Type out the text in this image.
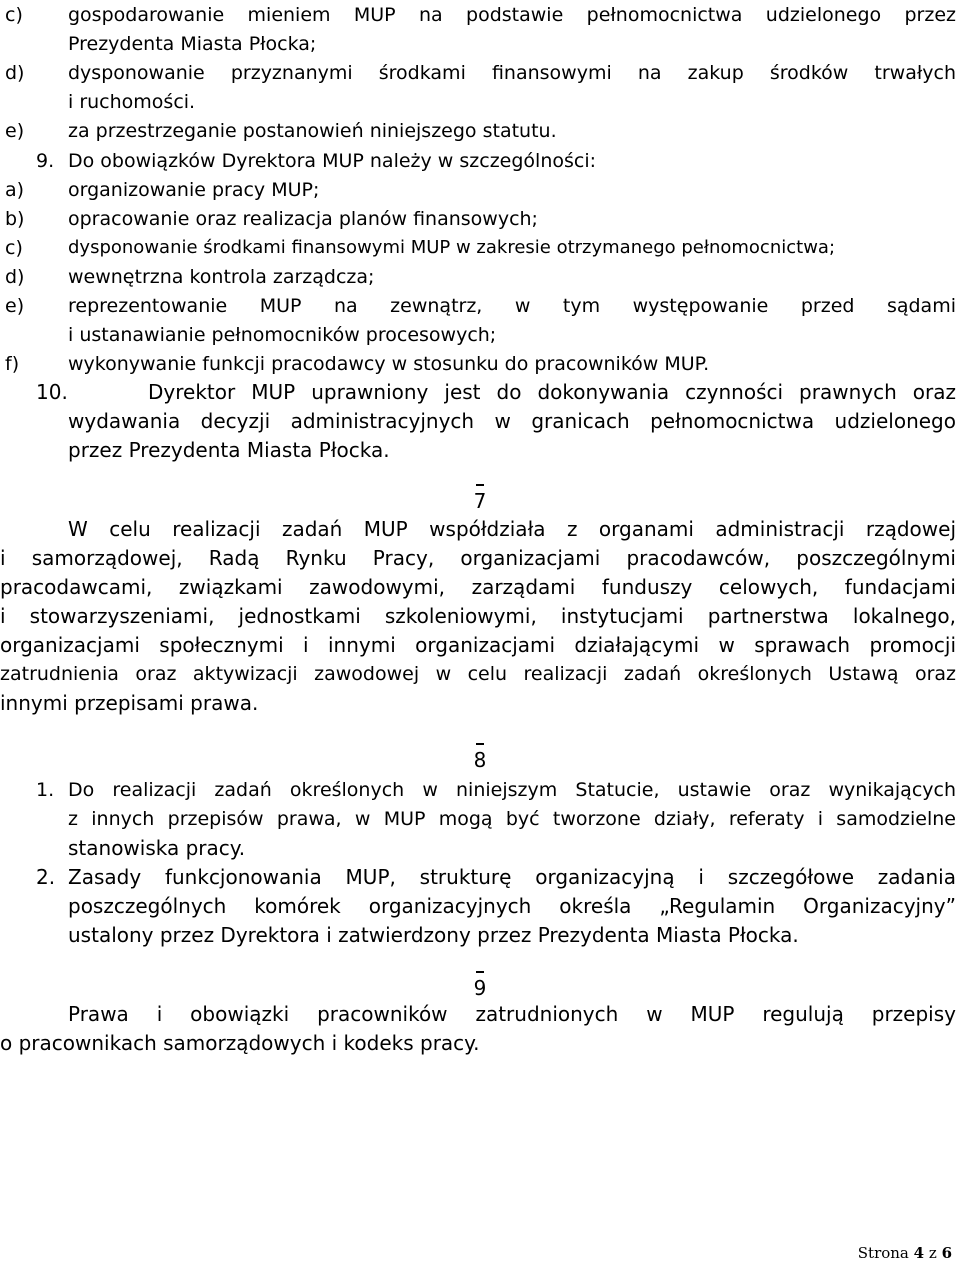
c) gospodarowanie mieniem MUP na podstawie pełnomocnictwa udzielonego przez
Prezydenta Miasta Płocka;
d) dysponowanie przyznanymi środkami finansowymi na zakup środków trwałych
i ruchomości.
e) za przestrzeganie postanowień niniejszego statutu.
9. Do obowiązków Dyrektora MUP należy w szczególności:
a) organizowanie pracy MUP;
b) opracowanie oraz realizacja planów finansowych;
c)	dysponowanie środkami finansowymi MUP w zakresie otrzymanego pełnomocnictwa;
d) wewnętrzna kontrola zarządcza;
e) reprezentowanie MUP na zewnątrz, w tym występowanie przed sądami
i ustanawianie pełnomocników procesowych;
f)	wykonywanie funkcji pracodawcy w stosunku do pracowników MUP.
10.	Dyrektor MUP uprawniony jest do dokonywania czynności prawnych oraz
wydawania decyzji administracyjnych w granicach pełnomocnictwa udzielonego
przez Prezydenta Miasta Płocka.
7
W celu realizacji zadań MUP współdziała z organami administracji rządowej
i samorządowej, Radą Rynku Pracy, organizacjami pracodawców, poszczególnymi
pracodawcami, związkami zawodowymi, zarządami funduszy celowych, fundacjami
i stowarzyszeniami, jednostkami szkoleniowymi, instytucjami partnerstwa lokalnego,
organizacjami społecznymi i innymi organizacjami działającymi w sprawach promocji
zatrudnienia oraz aktywizacji zawodowej w celu realizacji zadań określonych Ustawą oraz
innymi przepisami prawa.
8
1. Do realizacji zadań określonych w niniejszym Statucie, ustawie oraz wynikających
z innych przepisów prawa, w MUP mogą być tworzone działy, referaty i samodzielne
stanowiska pracy.
2. Zasady funkcjonowania MUP, strukturę organizacyjną i szczegółowe zadania
poszczególnych komórek organizacyjnych określa „Regulamin Organizacyjny”
ustalony przez Dyrektora i zatwierdzony przez Prezydenta Miasta Płocka.
9
Prawa i obowiązki pracowników zatrudnionych w MUP regulują przepisy
o pracownikach samorządowych i kodeks pracy.
Strona 4 z 6
